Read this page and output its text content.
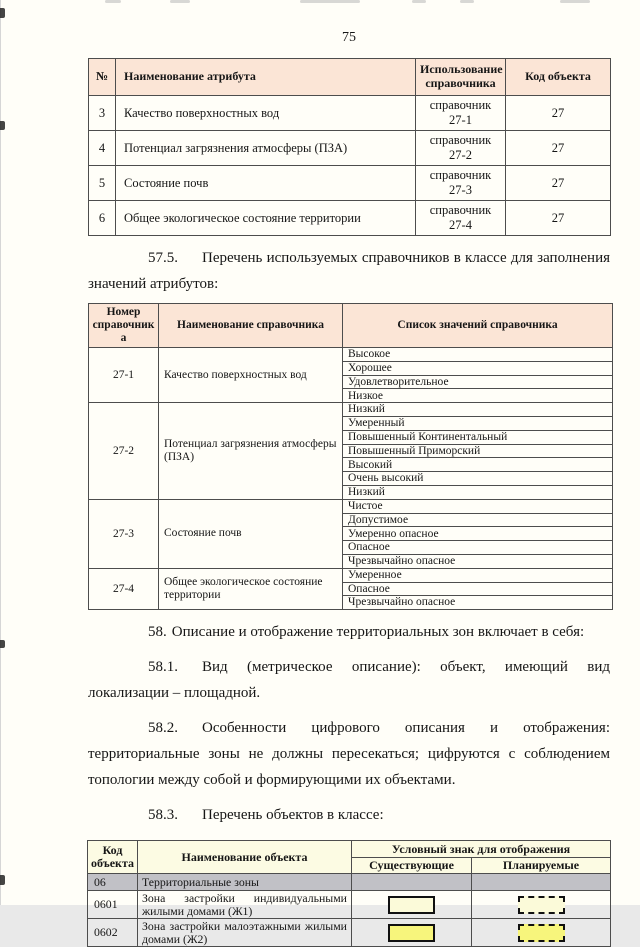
75
№	Наименование атрибута	Использование справочника	Код объекта
3	Качество поверхностных вод	справочник 27-1	27
4	Потенциал загрязнения атмосферы (ПЗА)	справочник 27-2	27
5	Состояние почв	справочник 27-3	27
6	Общее экологическое состояние территории	справочник 27-4	27
57.5. Перечень используемых справочников в классе для заполнения
значений атрибутов:
Номер справочника	Наименование справочника	Список значений справочника
27-1	Качество поверхностных вод	Высокое
		Хорошее
		Удовлетворительное
		Низкое
27-2	Потенциал загрязнения атмосферы (ПЗА)	Низкий
		Умеренный
		Повышенный Континентальный
		Повышенный Приморский
		Высокий
		Очень высокий
		Низкий
27-3	Состояние почв	Чистое
		Допустимое
		Умеренно опасное
		Опасное
		Чрезвычайно опасное
27-4	Общее экологическое состояние территории	Умеренное
		Опасное
		Чрезвычайно опасное
58. Описание и отображение территориальных зон включает в себя:
58.1. Вид (метрическое описание): объект, имеющий вид
локализации – площадной.
58.2. Особенности цифрового описания и отображения:
территориальные зоны не должны пересекаться; цифруются с соблюдением
топологии между собой и формирующими их объектами.
58.3. Перечень объектов в классе:
Код объекта	Наименование объекта	Условный знак для отображения	
		Существующие	Планируемые
06	Территориальные зоны		
0601	Зона застройки индивидуальными жилыми домами (Ж1)		
0602	Зона застройки малоэтажными жилыми домами (Ж2)		
